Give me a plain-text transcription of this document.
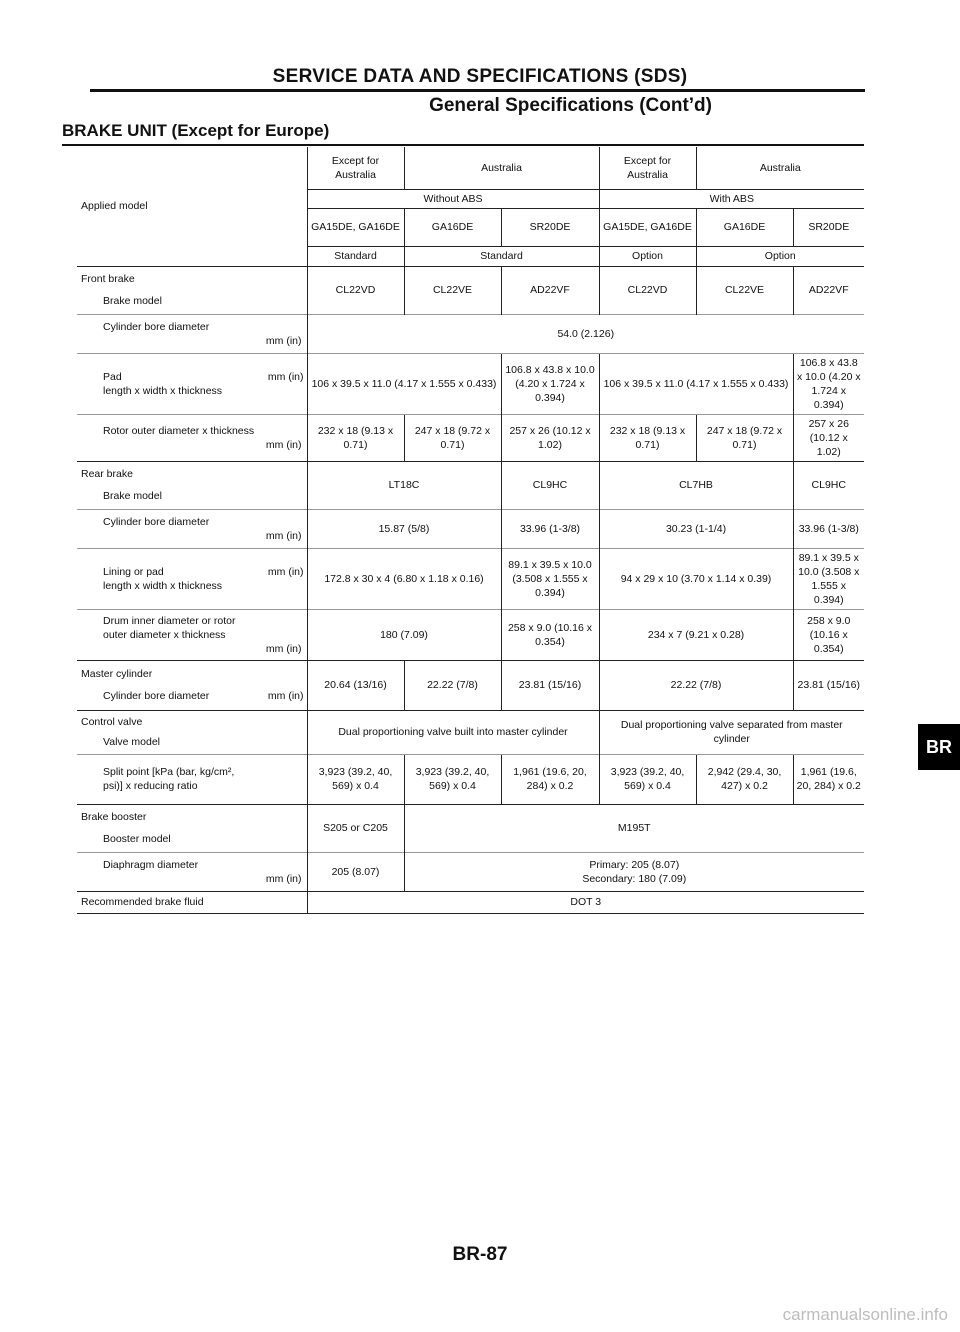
SERVICE DATA AND SPECIFICATIONS (SDS)
General Specifications (Cont’d)
BRAKE UNIT (Except for Europe)
Applied model	Except for Australia	Australia		Except for Australia	Australia	
	Without ABS			With ABS		
	GA15DE, GA16DE	GA16DE	SR20DE	GA15DE, GA16DE	GA16DE	SR20DE
	Standard	Standard		Option	Option	

Front brake
Brake model	CL22VD	CL22VE	AD22VF	CL22VD	CL22VE	AD22VF

Cylinder bore diameter
mm (in)	54.0 (2.126)					

Pad mm (in)
length x width x thickness	106 x 39.5 x 11.0 (4.17 x 1.555 x 0.433)		106.8 x 43.8 x 10.0 (4.20 x 1.724 x 0.394)	106 x 39.5 x 11.0 (4.17 x 1.555 x 0.433)		106.8 x 43.8 x 10.0 (4.20 x 1.724 x 0.394)

Rotor outer diameter x thickness
mm (in)	232 x 18 (9.13 x 0.71)	247 x 18 (9.72 x 0.71)	257 x 26 (10.12 x 1.02)	232 x 18 (9.13 x 0.71)	247 x 18 (9.72 x 0.71)	257 x 26 (10.12 x 1.02)

Rear brake
Brake model	LT18C		CL9HC	CL7HB		CL9HC

Cylinder bore diameter
mm (in)	15.87 (5/8)		33.96 (1-3/8)	30.23 (1-1/4)		33.96 (1-3/8)

Lining or pad mm (in)
length x width x thickness	172.8 x 30 x 4 (6.80 x 1.18 x 0.16)		89.1 x 39.5 x 10.0 (3.508 x 1.555 x 0.394)	94 x 29 x 10 (3.70 x 1.14 x 0.39)		89.1 x 39.5 x 10.0 (3.508 x 1.555 x 0.394)

Drum inner diameter or rotor
outer diameter x thickness
mm (in)	180 (7.09)		258 x 9.0 (10.16 x 0.354)	234 x 7 (9.21 x 0.28)		258 x 9.0 (10.16 x 0.354)

Master cylinder
Cylinder bore diameter mm (in)	20.64 (13/16)	22.22 (7/8)	23.81 (15/16)	22.22 (7/8)		23.81 (15/16)

Control valve
Valve model	Dual proportioning valve built into master cylinder			Dual proportioning valve separated from master cylinder		

Split point [kPa (bar, kg/cm²,
psi)] x reducing ratio	3,923 (39.2, 40, 569) x 0.4	3,923 (39.2, 40, 569) x 0.4	1,961 (19.6, 20, 284) x 0.2	3,923 (39.2, 40, 569) x 0.4	2,942 (29.4, 30, 427) x 0.2	1,961 (19.6, 20, 284) x 0.2

Brake booster
Booster model	S205 or C205	M195T				

Diaphragm diameter
mm (in)	205 (8.07)	Primary: 205 (8.07)
Secondary: 180 (7.09)				

Recommended brake fluid	DOT 3					
BR
BR-87
carmanualsonline.info
